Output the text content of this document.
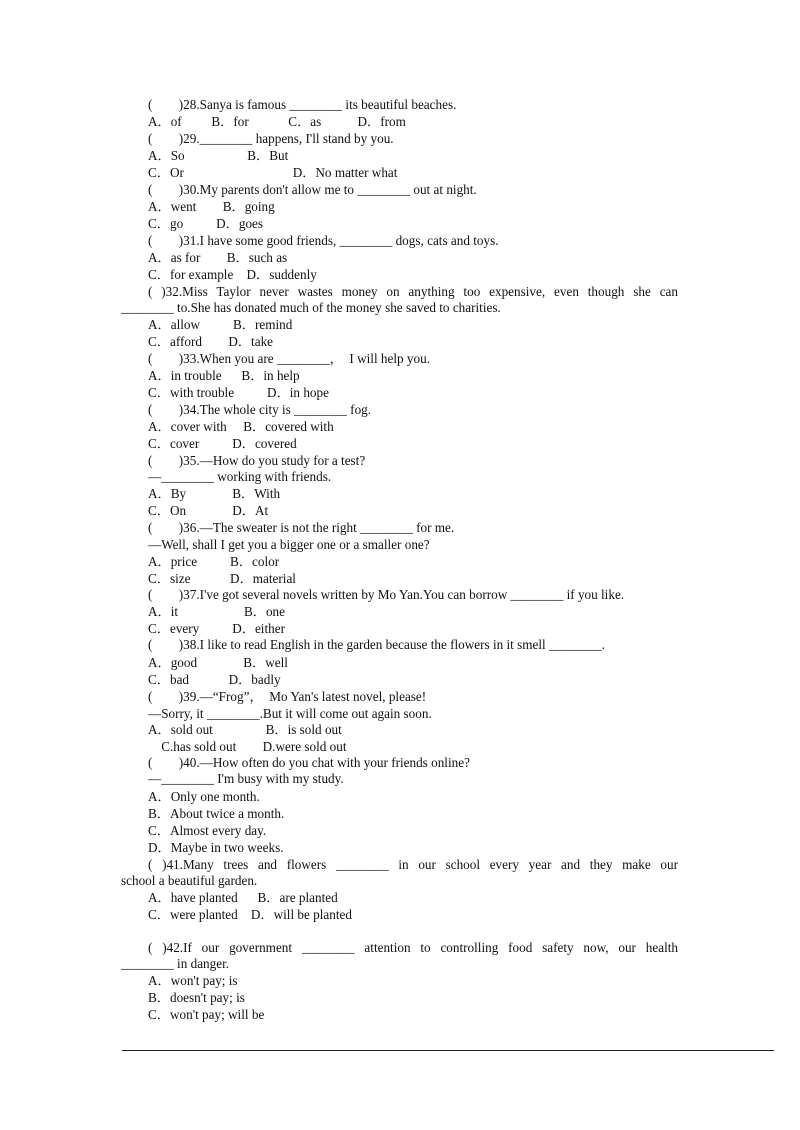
(        )28.Sanya is famous ________ its beautiful beaches.
A．of         B．for            C．as           D．from
(        )29.________ happens, I'll stand by you.
A．So                   B．But
C．Or                                 D．No matter what
(        )30.My parents don't allow me to ________ out at night.
A．went        B．going
C．go          D．goes
(        )31.I have some good friends, ________ dogs, cats and toys.
A．as for        B．such as
C．for example    D．suddenly
( )32.Miss Taylor never wastes money on anything too expensive, even though she can
________ to.She has donated much of the money she saved to charities.
A．allow          B．remind
C．afford        D．take
(        )33.When you are ________，  I will help you.
A．in trouble      B．in help
C．with trouble          D．in hope
(        )34.The whole city is ________ fog.
A．cover with     B．covered with
C．cover          D．covered
(        )35.—How do you study for a test?
—________ working with friends.
A．By              B．With
C．On              D．At
(        )36.—The sweater is not the right ________ for me.
—Well, shall I get you a bigger one or a smaller one?
A．price          B．color
C．size            D．material
(        )37.I've got several novels written by Mo Yan.You can borrow ________ if you like.
A．it                    B．one
C．every          D．either
(        )38.I like to read English in the garden because the flowers in it smell ________.
A．good              B．well
C．bad            D．badly
(        )39.—“Frog”，  Mo Yan's latest novel, please!
—Sorry, it ________.But it will come out again soon.
A．sold out                B．is sold out
C.has sold out        D.were sold out
(        )40.—How often do you chat with your friends online?
—________ I'm busy with my study.
A．Only one month.
B．About twice a month.
C．Almost every day.
D．Maybe in two weeks.
( )41.Many trees and flowers ________ in our school every year and they make our
school a beautiful garden.
A．have planted      B．are planted
C．were planted    D．will be planted
( )42.If our government ________ attention to controlling food safety now, our health
________ in danger.
A．won't pay; is
B．doesn't pay; is
C．won't pay; will be
